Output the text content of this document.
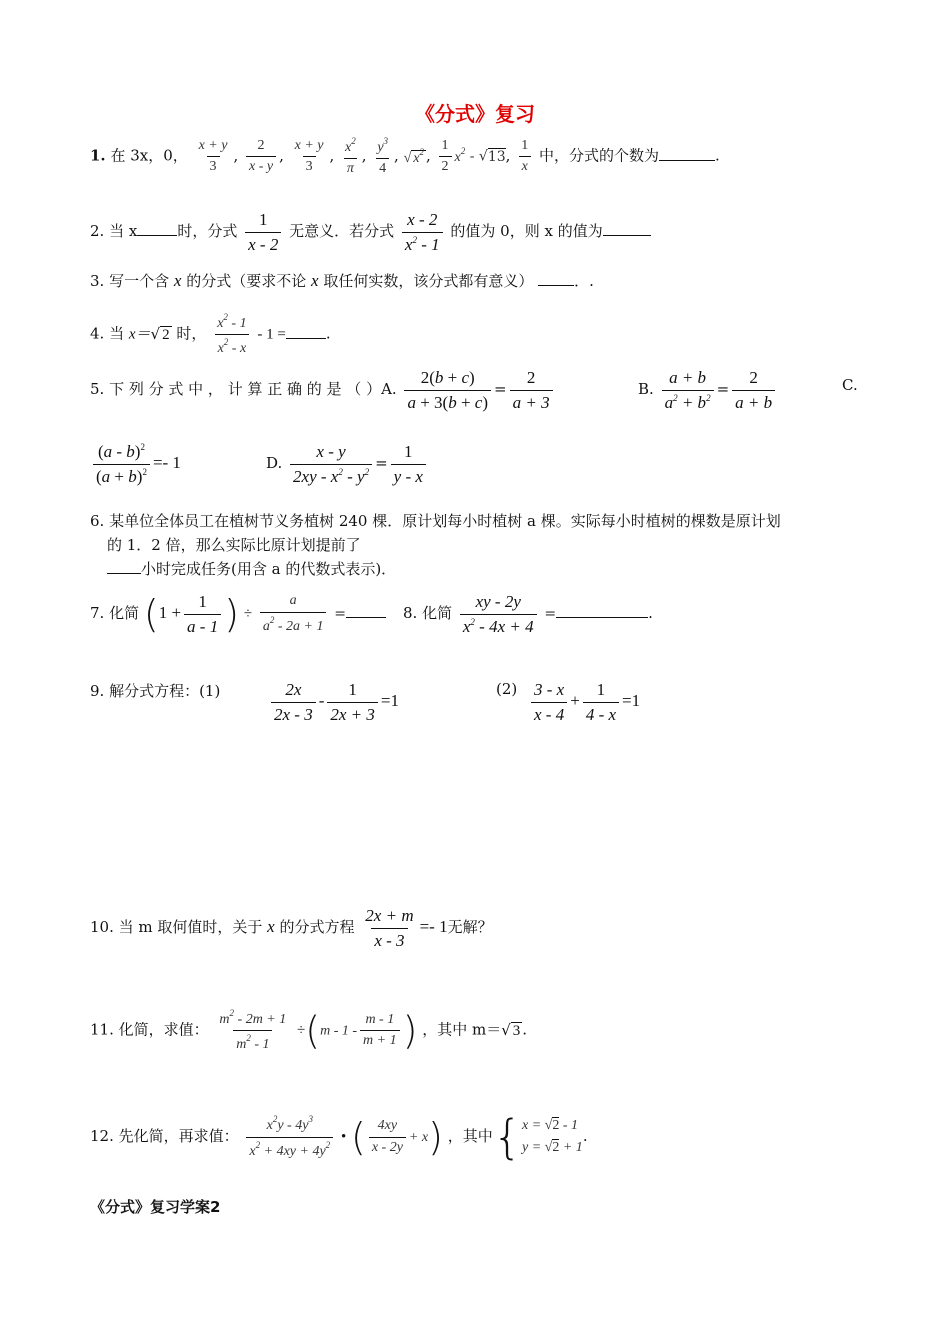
《分式》复习
1. 在 3x，0， $\frac{x + y}{3}$ , $\frac{2}{x - y}$ , $\frac{x + y}{3}$ , $\frac{x^2}{\pi}$ , $\frac{y^3}{4}$ , √ $x^2$ , $\frac{1}{2} x^2 - √13$, $\frac{1}{x}$ 中，分式的个数为	.
2. 当 x	时，分式 $\frac{1}{x - 2}$ 无意义．若分式 $\frac{x - 2}{x^2 - 1}$ 的值为 0，则 x 的值为
3. 写一个含 x 的分式（要求不论 x 取任何实数，该分式都有意义）	．.
4. 当 x＝√ 2 时， $\frac{x^2 - 1}{x^2 - x} - 1$ =	.
5. 下 列 分 式 中 ， 计 算 正 确 的 是 （ ）A. $\frac{2(b + c)}{a + 3(b + c)} = \frac{2}{a + 3}$	B. $\frac{a + b}{a^2 + b^2} = \frac{2}{a + b}$	C.
$\frac{(a - b)^2}{(a + b)^2} =- 1$	D. $\frac{x - y}{2xy - x^2 - y^2} = \frac{1}{y - x}$
6. 某单位全体员工在植树节义务植树 240 棵．原计划每小时植树 a 棵。实际每小时植树的棵数是原计划
的 1．2 倍，那么实际比原计划提前了
小时完成任务(用含 a 的代数式表示)．
7. 化简 ($1 + \frac{1}{a - 1}$ ) ÷ $\frac{a}{a^2 - 2a + 1}$ =	8. 化简 $\frac{xy - 2y}{x^2 - 4x + 4}$ =	.
9. 解分式方程：(1)	$\frac{2x}{2x - 3} - \frac{1}{2x + 3} =1$
$(2) \frac{3 - x}{x - 4} + \frac{1}{4 - x} =1$
10. 当 m 取何值时，关于 x 的分式方程 $\frac{2x + m}{x - 3} =- 1$无解？
11. 化简，求值： $\frac{m^2 - 2m + 1}{m^2 - 1} \div(m - 1 - \frac{m - 1}{m + 1}$ ) ，其中 m＝√ 3 .
12. 先化简，再求值： $\frac{x^2y - 4y^3}{x^2 + 4xy + 4y^2}$ • ( $\frac{4xy}{x - 2y} + x$) ，其中{ x = √2 - 1
y = √2 + 1
.
《分式》复习学案2
